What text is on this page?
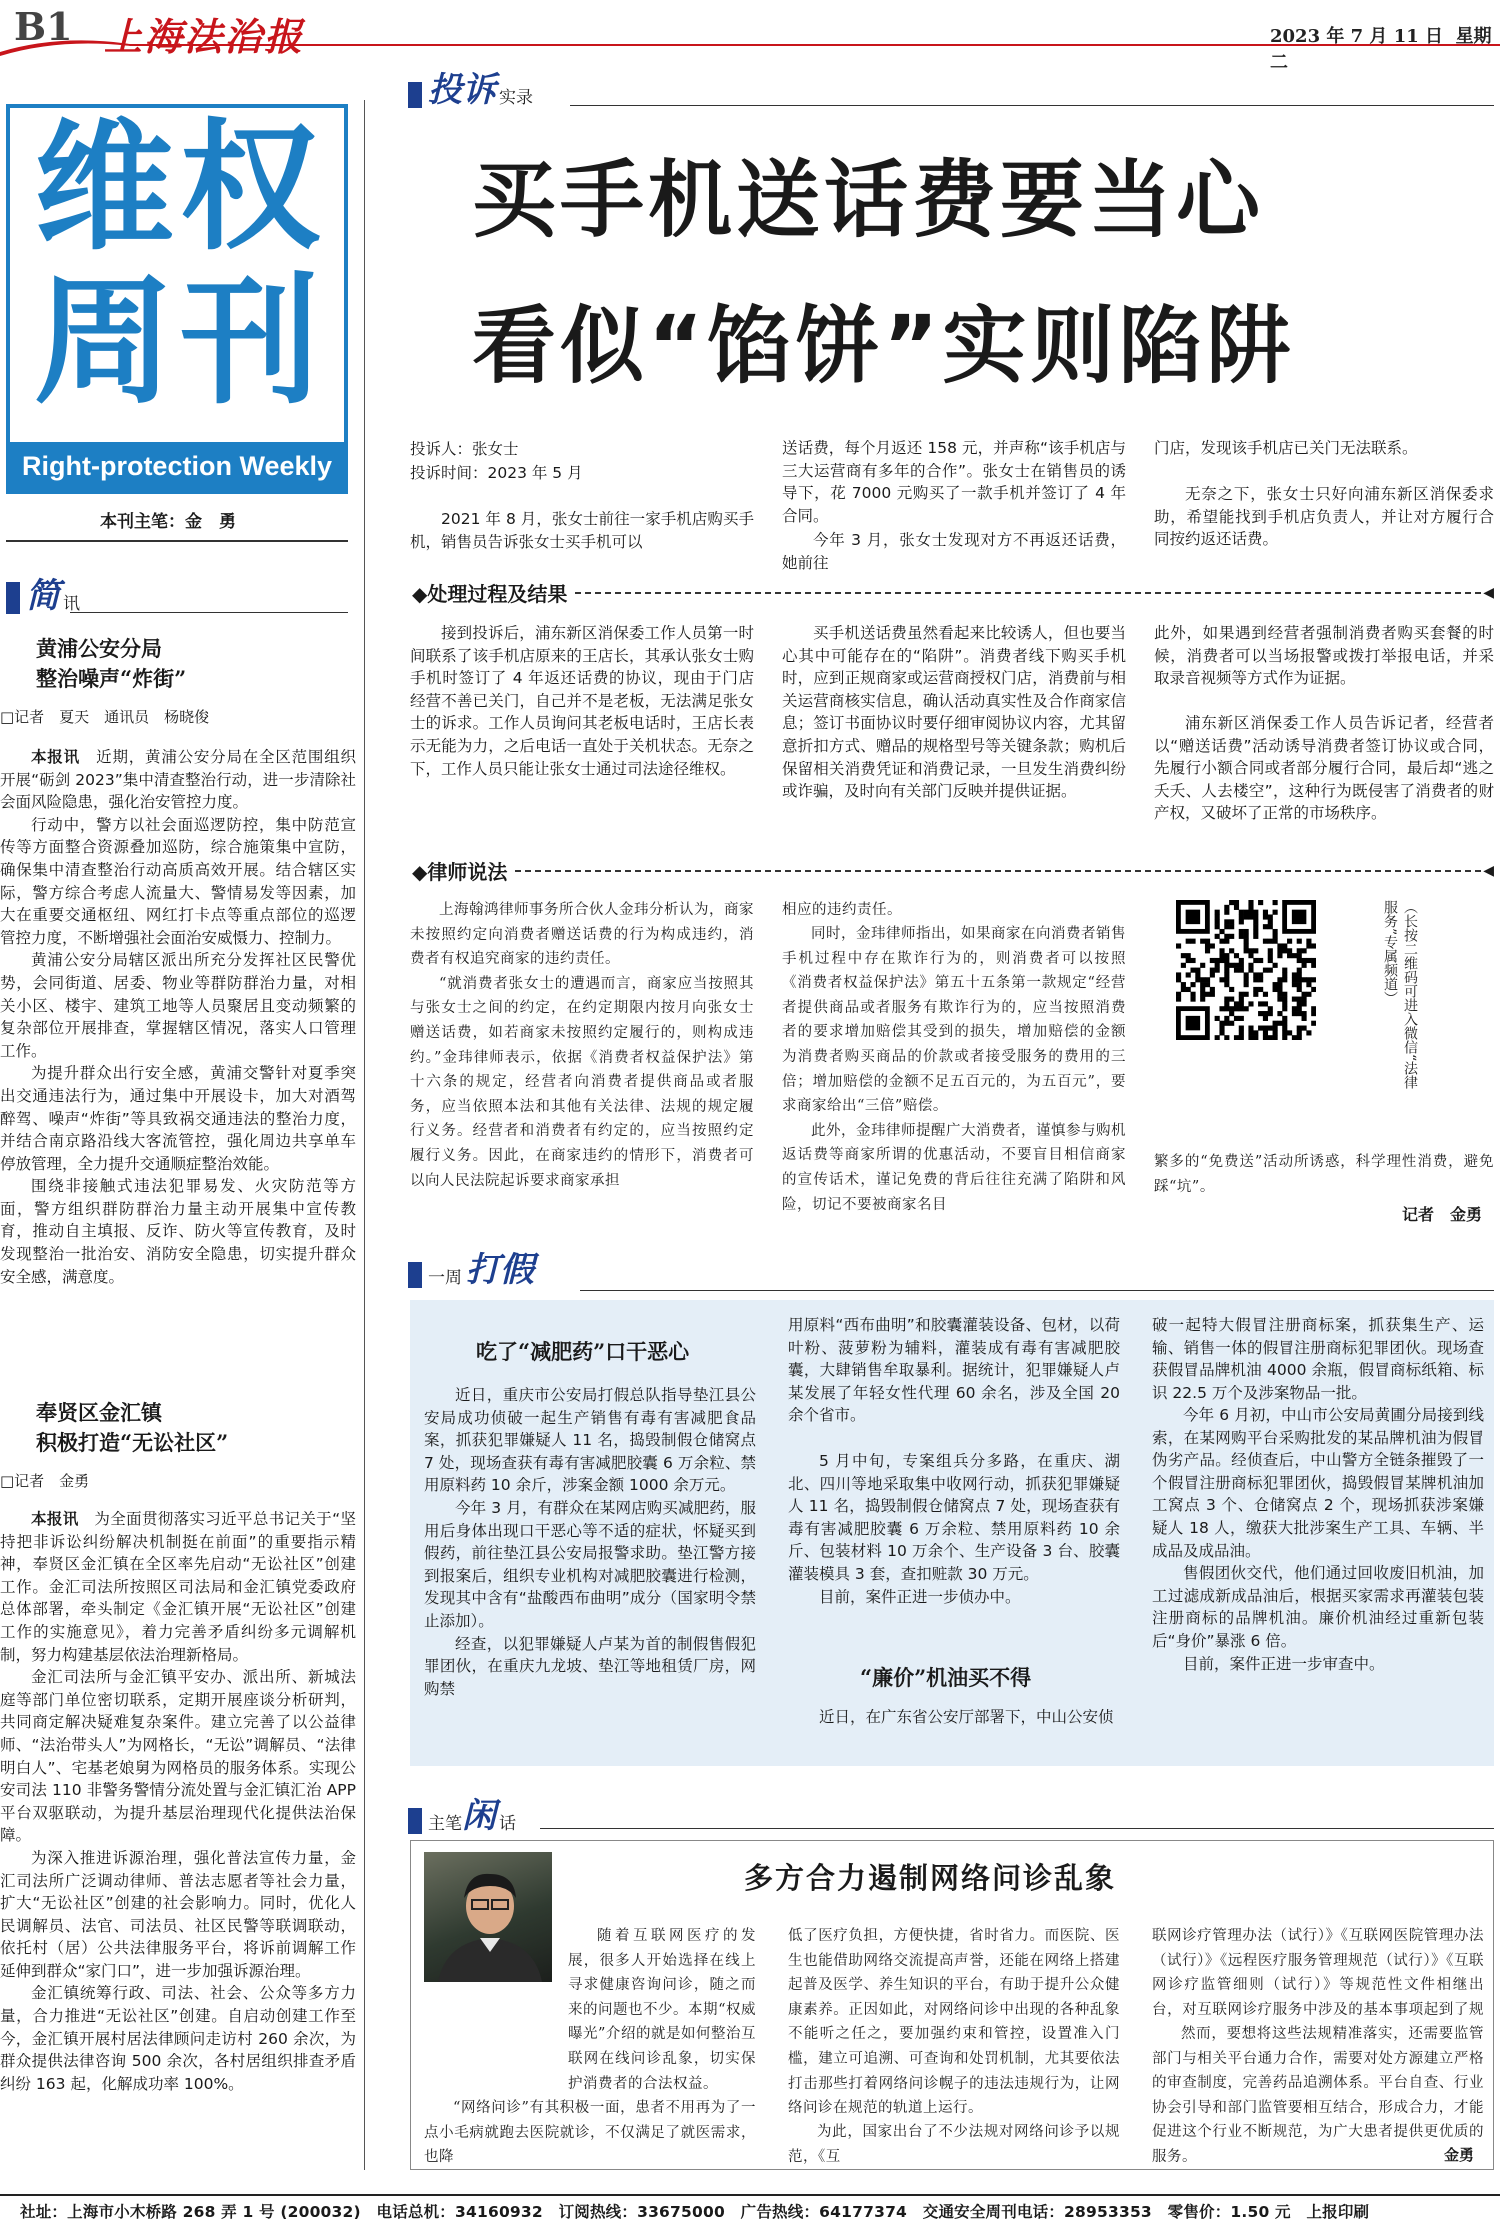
B1 上海法治报	2023 年 7 月 11 日 星期二
维权
周刊
Right-protection Weekly
本刊主笔：金　勇
简 讯
黄浦公安分局
整治噪声“炸街”
□记者　夏天　通讯员　杨晓俊

本报讯　 近期，黄浦公安分局在全区范围组织开展“砺剑 2023”集中清查整治行动，进一步清除社会面风险隐患，强化治安管控力度。

行动中，警方以社会面巡逻防控，集中防范宣传等方面整合资源叠加巡防，综合施策集中宣防，确保集中清查整治行动高质高效开展。结合辖区实际，警方综合考虑人流量大、警情易发等因素，加大在重要交通枢纽、网红打卡点等重点部位的巡逻管控力度，不断增强社会面治安威慑力、控制力。

黄浦公安分局辖区派出所充分发挥社区民警优势，会同街道、居委、物业等群防群治力量，对相关小区、楼宇、建筑工地等人员聚居且变动频繁的复杂部位开展排查，掌握辖区情况，落实人口管理工作。

为提升群众出行安全感，黄浦交警针对夏季突出交通违法行为，通过集中开展设卡，加大对酒驾醉驾、噪声“炸街”等具致祸交通违法的整治力度，并结合南京路沿线大客流管控，强化周边共享单车停放管理，全力提升交通顺症整治效能。

围绕非接触式违法犯罪易发、火灾防范等方面，警方组织群防群治力量主动开展集中宣传教育，推动自主填报、反诈、防火等宣传教育，及时发现整治一批治安、消防安全隐患，切实提升群众安全感，满意度。

奉贤区金汇镇
积极打造“无讼社区”
□记者　金勇

本报讯　 为全面贯彻落实习近平总书记关于“坚持把非诉讼纠纷解决机制挺在前面”的重要指示精神，奉贤区金汇镇在全区率先启动“无讼社区”创建工作。金汇司法所按照区司法局和金汇镇党委政府总体部署，牵头制定《金汇镇开展“无讼社区”创建工作的实施意见》，着力完善矛盾纠纷多元调解机制，努力构建基层依法治理新格局。

金汇司法所与金汇镇平安办、派出所、新城法庭等部门单位密切联系，定期开展座谈分析研判，共同商定解决疑难复杂案件。建立完善了以公益律师、“法治带头人”为网格长，“无讼”调解员、“法律明白人”、宅基老娘舅为网格员的服务体系。实现公安司法 110 非警务警情分流处置与金汇镇汇治 APP 平台双驱联动，为提升基层治理现代化提供法治保障。

为深入推进诉源治理，强化普法宣传力量，金汇司法所广泛调动律师、普法志愿者等社会力量，扩大“无讼社区”创建的社会影响力。同时，优化人民调解员、法官、司法员、社区民警等联调联动，依托村（居）公共法律服务平台，将诉前调解工作延伸到群众“家门口”，进一步加强诉源治理。

金汇镇统筹行政、司法、社会、公众等多方力量，合力推进“无讼社区”创建。自启动创建工作至今，金汇镇开展村居法律顾问走访村 260 余次，为群众提供法律咨询 500 余次，各村居组织排查矛盾纠纷 163 起，化解成功率 100%。

投诉 实录
买手机送话费要当心
看似“馅饼”实则陷阱
投诉人：张女士
投诉时间：2023 年 5 月

2021 年 8 月，张女士前往一家手机店购买手机，销售员告诉张女士买手机可以

送话费，每个月返还 158 元，并声称“该手机店与三大运营商有多年的合作”。张女士在销售员的诱导下，花 7000 元购买了一款手机并签订了 4 年合同。

今年 3 月，张女士发现对方不再返还话费，她前往

门店，发现该手机店已关门无法联系。

无奈之下，张女士只好向浦东新区消保委求助，希望能找到手机店负责人，并让对方履行合同按约返还话费。

◆处理过程及结果	◀

接到投诉后，浦东新区消保委工作人员第一时间联系了该手机店原来的王店长，其承认张女士购手机时签订了 4 年返还话费的协议，现由于门店经营不善已关门，自己并不是老板，无法满足张女士的诉求。工作人员询问其老板电话时，王店长表示无能为力，之后电话一直处于关机状态。无奈之下，工作人员只能让张女士通过司法途径维权。

买手机送话费虽然看起来比较诱人，但也要当心其中可能存在的“陷阱”。消费者线下购买手机时，应到正规商家或运营商授权门店，消费前与相关运营商核实信息，确认活动真实性及合作商家信息；签订书面协议时要仔细审阅协议内容，尤其留意折扣方式、赠品的规格型号等关键条款；购机后保留相关消费凭证和消费记录，一旦发生消费纠纷或诈骗，及时向有关部门反映并提供证据。

此外，如果遇到经营者强制消费者购买套餐的时候，消费者可以当场报警或拨打举报电话，并采取录音视频等方式作为证据。

浦东新区消保委工作人员告诉记者，经营者以“赠送话费”活动诱导消费者签订协议或合同，先履行小额合同或者部分履行合同，最后却“逃之夭夭、人去楼空”，这种行为既侵害了消费者的财产权，又破坏了正常的市场秩序。

◆律师说法	◀

上海翰鸿律师事务所合伙人金玮分析认为，商家未按照约定向消费者赠送话费的行为构成违约，消费者有权追究商家的违约责任。

“就消费者张女士的遭遇而言，商家应当按照其与张女士之间的约定，在约定期限内按月向张女士赠送话费，如若商家未按照约定履行的，则构成违约。”金玮律师表示，依据《消费者权益保护法》第十六条的规定，经营者向消费者提供商品或者服务，应当依照本法和其他有关法律、法规的规定履行义务。经营者和消费者有约定的，应当按照约定履行义务。因此，在商家违约的情形下，消费者可以向人民法院起诉要求商家承担

相应的违约责任。

同时，金玮律师指出，如果商家在向消费者销售手机过程中存在欺诈行为的，则消费者可以按照《消费者权益保护法》第五十五条第一款规定“经营者提供商品或者服务有欺诈行为的，应当按照消费者的要求增加赔偿其受到的损失，增加赔偿的金额为消费者购买商品的价款或者接受服务的费用的三倍；增加赔偿的金额不足五百元的，为五百元”，要求商家给出“三倍”赔偿。

此外，金玮律师提醒广大消费者，谨慎参与购机返话费等商家所谓的优惠活动，不要盲目相信商家的宣传话术，谨记免费的背后往往充满了陷阱和风险，切记不要被商家名目

（长按二维码可进入微信“法律服务”专属频道）
繁多的“免费送”活动所诱惑，科学理性消费，避免踩“坑”。
记者　金勇
一周 打假
吃了“减肥药”口干恶心

近日，重庆市公安局打假总队指导垫江县公安局成功侦破一起生产销售有毒有害减肥食品案，抓获犯罪嫌疑人 11 名，捣毁制假仓储窝点 7 处，现场查获有毒有害减肥胶囊 6 万余粒、禁用原料药 10 余斤，涉案金额 1000 余万元。

今年 3 月，有群众在某网店购买减肥药，服用后身体出现口干恶心等不适的症状，怀疑买到假药，前往垫江县公安局报警求助。垫江警方接到报案后，组织专业机构对减肥胶囊进行检测，发现其中含有“盐酸西布曲明”成分（国家明令禁止添加）。

经查，以犯罪嫌疑人卢某为首的制假售假犯罪团伙，在重庆九龙坡、垫江等地租赁厂房，网购禁

用原料“西布曲明”和胶囊灌装设备、包材，以荷叶粉、菠萝粉为辅料，灌装成有毒有害减肥胶囊，大肆销售牟取暴利。据统计，犯罪嫌疑人卢某发展了年轻女性代理 60 余名，涉及全国 20 余个省市。

5 月中旬，专案组兵分多路，在重庆、湖北、四川等地采取集中收网行动，抓获犯罪嫌疑人 11 名，捣毁制假仓储窝点 7 处，现场查获有毒有害减肥胶囊 6 万余粒、禁用原料药 10 余斤、包装材料 10 万余个、生产设备 3 台、胶囊灌装模具 3 套，查扣赃款 30 万元。

目前，案件正进一步侦办中。

“廉价”机油买不得

近日，在广东省公安厅部署下，中山公安侦

破一起特大假冒注册商标案，抓获集生产、运输、销售一体的假冒注册商标犯罪团伙。现场查获假冒品牌机油 4000 余瓶，假冒商标纸箱、标识 22.5 万个及涉案物品一批。

今年 6 月初，中山市公安局黄圃分局接到线索，在某网购平台采购批发的某品牌机油为假冒伪劣产品。经侦查后，中山警方全链条摧毁了一个假冒注册商标犯罪团伙，捣毁假冒某牌机油加工窝点 3 个、仓储窝点 2 个，现场抓获涉案嫌疑人 18 人，缴获大批涉案生产工具、车辆、半成品及成品油。

售假团伙交代，他们通过回收废旧机油，加工过滤成新成品油后，根据买家需求再灌装包装注册商标的品牌机油。廉价机油经过重新包装后“身价”暴涨 6 倍。

目前，案件正进一步审查中。

主笔 闲 话
多方合力遏制网络问诊乱象

随着互联网医疗的发展，很多人开始选择在线上寻求健康咨询问诊，随之而来的问题也不少。本期“权威曝光”介绍的就是如何整治互联网在线问诊乱象，切实保护消费者的合法权益。

“网络问诊”有其积极一面，患者不用再为了一点小毛病就跑去医院就诊，不仅满足了就医需求，也降

低了医疗负担，方便快捷，省时省力。而医院、医生也能借助网络交流提高声誉，还能在网络上搭建起普及医学、养生知识的平台，有助于提升公众健康素养。正因如此，对网络问诊中出现的各种乱象不能听之任之，要加强约束和管控，设置准入门槛，建立可追溯、可查询和处罚机制，尤其要依法打击那些打着网络问诊幌子的违法违规行为，让网络问诊在规范的轨道上运行。

为此，国家出台了不少法规对网络问诊予以规范，《互

联网诊疗管理办法（试行）》《互联网医院管理办法（试行）》《远程医疗服务管理规范（试行）》《互联网诊疗监管细则（试行）》等规范性文件相继出台，对互联网诊疗服务中涉及的基本事项起到了规

然而，要想将这些法规精准落实，还需要监管部门与相关平台通力合作，需要对处方源建立严格的审查制度，完善药品追溯体系。平台自查、行业协会引导和部门监管要相互结合，形成合力，才能促进这个行业不断规范，为广大患者提供更优质的服务。	金勇
社址：上海市小木桥路 268 弄 1 号 (200032)　电话总机：34160932　订阅热线：33675000　广告热线：64177374　交通安全周刊电话：28953353　零售价：1.50 元　上报印刷
